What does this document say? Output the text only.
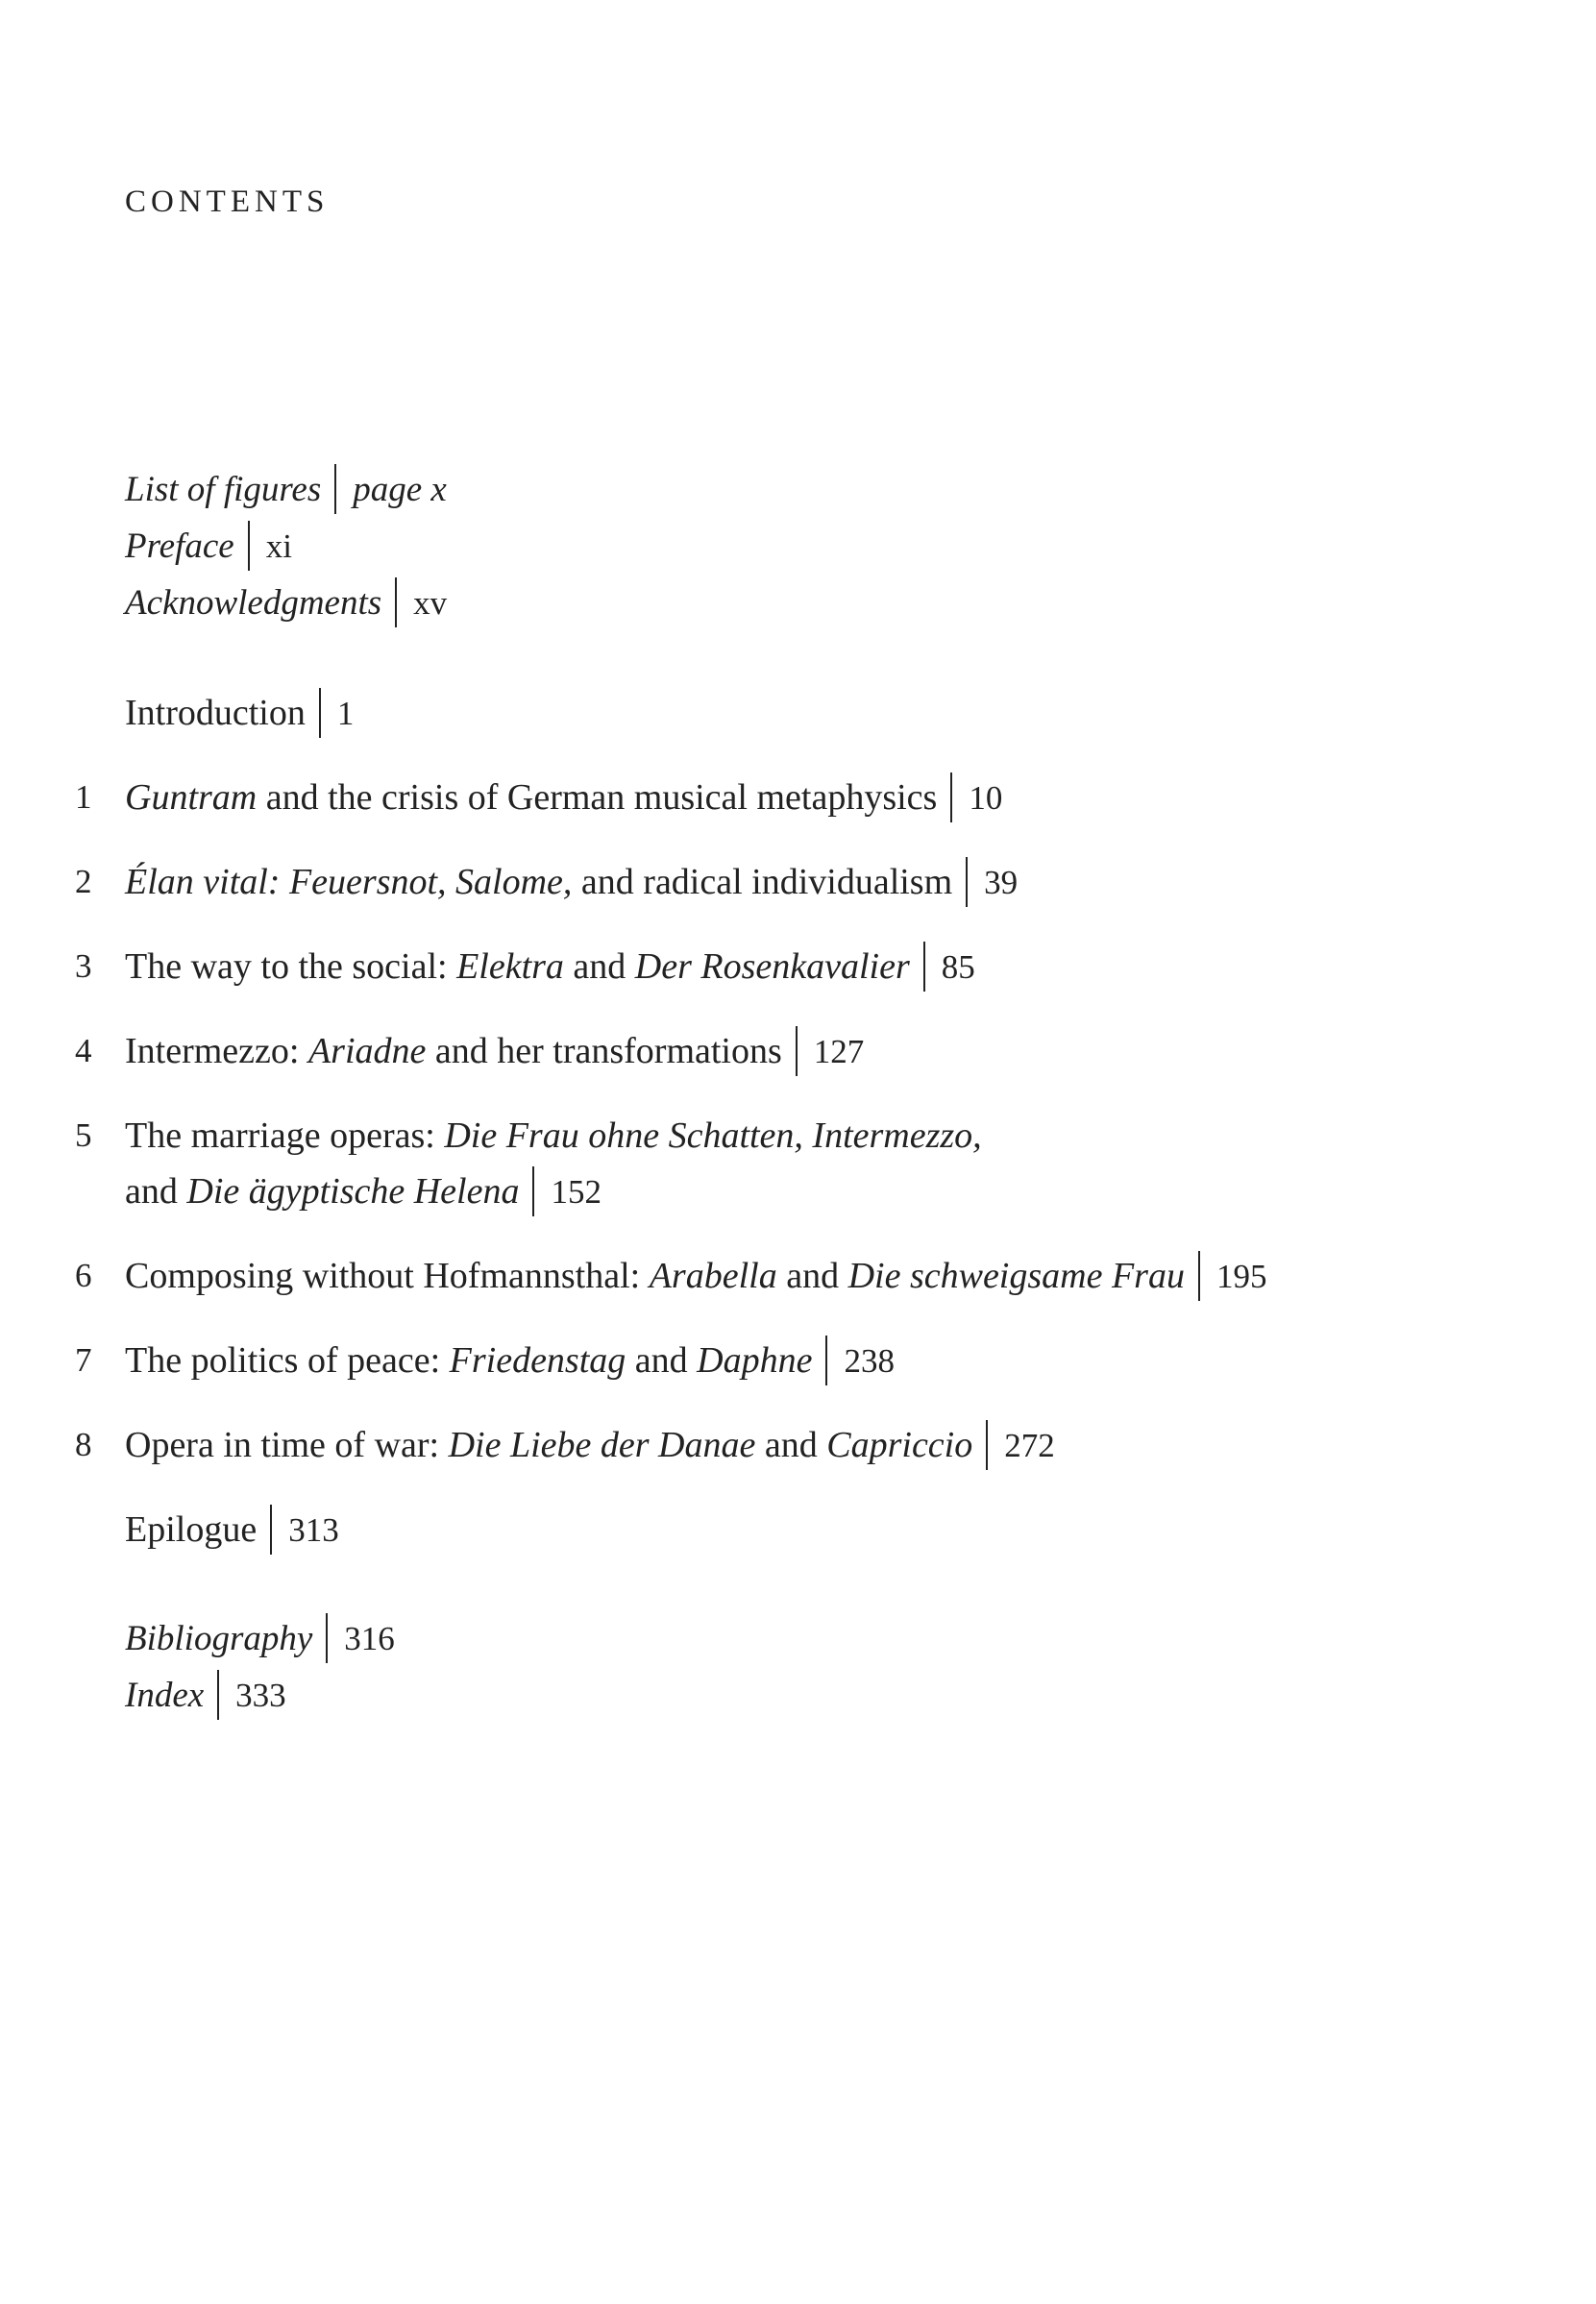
CONTENTS
List of figures page x
Preface xi
Acknowledgments xv
Introduction 1
1 Guntram and the crisis of German musical metaphysics 10
2 Élan vital: Feuersnot, Salome, and radical individualism 39
3 The way to the social: Elektra and Der Rosenkavalier 85
4 Intermezzo: Ariadne and her transformations 127
5 The marriage operas: Die Frau ohne Schatten, Intermezzo,
and Die ägyptische Helena 152
6 Composing without Hofmannsthal: Arabella and Die schweigsame Frau 195
7 The politics of peace: Friedenstag and Daphne 238
8 Opera in time of war: Die Liebe der Danae and Capriccio 272
Epilogue 313
Bibliography 316
Index 333
